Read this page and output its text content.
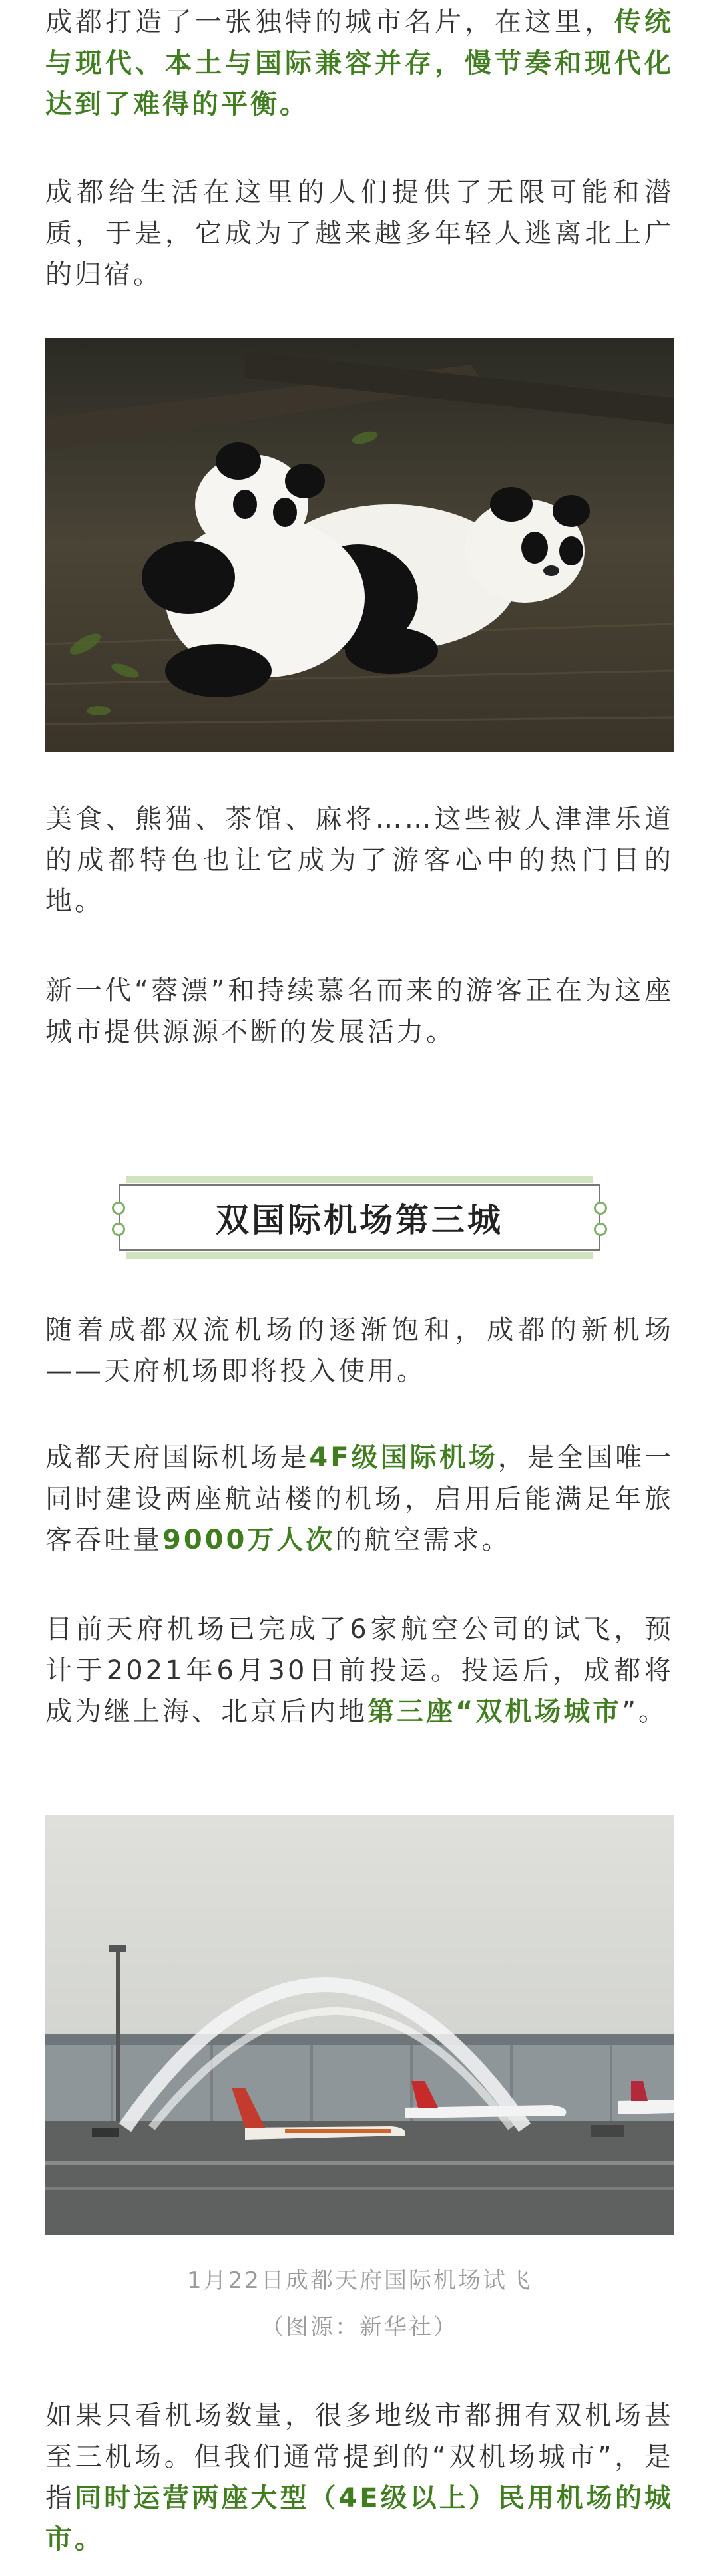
成都打造了一张独特的城市名片，在这里，传统与现代、本土与国际兼容并存，慢节奏和现代化达到了难得的平衡。

成都给生活在这里的人们提供了无限可能和潜质，于是，它成为了越来越多年轻人逃离北上广的归宿。

美食、熊猫、茶馆、麻将……这些被人津津乐道的成都特色也让它成为了游客心中的热门目的地。

新一代“蓉漂”和持续慕名而来的游客正在为这座城市提供源源不断的发展活力。

双国际机场第三城

随着成都双流机场的逐渐饱和，成都的新机场——天府机场即将投入使用。

成都天府国际机场是4F级国际机场，是全国唯一同时建设两座航站楼的机场，启用后能满足年旅客吞吐量9000万人次的航空需求。

目前天府机场已完成了6家航空公司的试飞，预计于2021年6月30日前投运。投运后，成都将成为继上海、北京后内地第三座“双机场城市”。

1月22日成都天府国际机场试飞
（图源：新华社）

如果只看机场数量，很多地级市都拥有双机场甚至三机场。但我们通常提到的“双机场城市”，是指同时运营两座大型（4E级以上）民用机场的城市。
